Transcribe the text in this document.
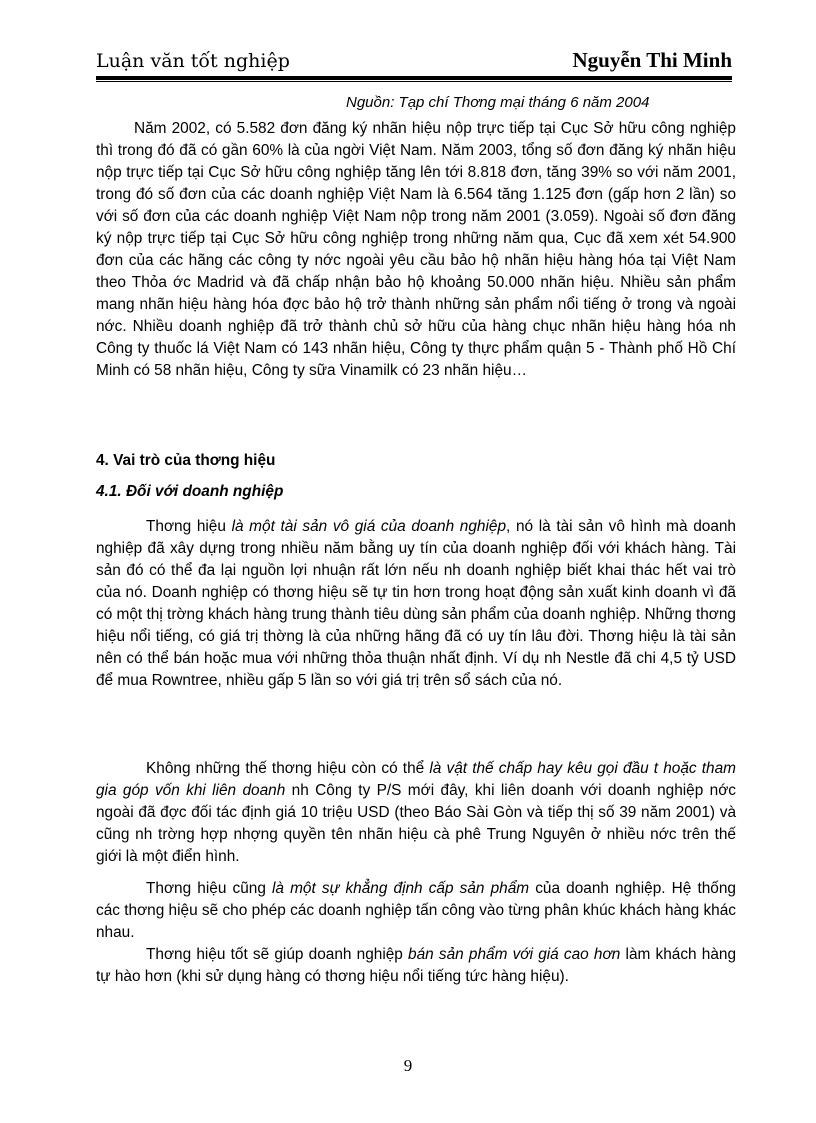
Luận văn tốt nghiệp	Nguyễn Thi Minh
Nguồn: Tạp chí Thơng mại tháng 6 năm 2004
Năm 2002, có 5.582 đơn đăng ký nhãn hiệu nộp trực tiếp tại Cục Sở hữu công nghiệp thì trong đó đã có gần 60% là của ngời Việt Nam. Năm 2003, tổng số đơn đăng ký nhãn hiệu nộp trực tiếp tại Cục Sở hữu công nghiệp tăng lên tới 8.818 đơn, tăng 39% so với năm 2001, trong đó số đơn của các doanh nghiệp Việt Nam là 6.564 tăng 1.125 đơn (gấp hơn 2 lần) so với số đơn của các doanh nghiệp Việt Nam nộp trong năm 2001 (3.059). Ngoài số đơn đăng ký nộp trực tiếp tại Cục Sở hữu công nghiệp trong những năm qua, Cục đã xem xét 54.900 đơn của các hãng các công ty nớc ngoài yêu cầu bảo hộ nhãn hiệu hàng hóa tại Việt Nam theo Thỏa ớc Madrid và đã chấp nhận bảo hộ khoảng 50.000 nhãn hiệu. Nhiều sản phẩm mang nhãn hiệu hàng hóa đợc bảo hộ trở thành những sản phẩm nổi tiếng ở trong và ngoài nớc. Nhiều doanh nghiệp đã trở thành chủ sở hữu của hàng chục nhãn hiệu hàng hóa nh Công ty thuốc lá Việt Nam có 143 nhãn hiệu, Công ty thực phẩm quận 5 - Thành phố Hồ Chí Minh có 58 nhãn hiệu, Công ty sữa Vinamilk có 23 nhãn hiệu…
4. Vai trò của thơng hiệu
4.1. Đối với doanh nghiệp
Thơng hiệu là một tài sản vô giá của doanh nghiệp, nó là tài sản vô hình mà doanh nghiệp đã xây dựng trong nhiều năm bằng uy tín của doanh nghiệp đối với khách hàng. Tài sản đó có thể đa lại nguồn lợi nhuận rất lớn nếu nh doanh nghiệp biết khai thác hết vai trò của nó. Doanh nghiệp có thơng hiệu sẽ tự tin hơn trong hoạt động sản xuất kinh doanh vì đã có một thị trờng khách hàng trung thành tiêu dùng sản phẩm của doanh nghiệp. Những thơng hiệu nổi tiếng, có giá trị thờng là của những hãng đã có uy tín lâu đời. Thơng hiệu là tài sản nên có thể bán hoặc mua với những thỏa thuận nhất định. Ví dụ nh Nestle đã chi 4,5 tỷ USD để mua Rowntree, nhiều gấp 5 lần so với giá trị trên sổ sách của nó.
Không những thế thơng hiệu còn có thể là vật thế chấp hay kêu gọi đầu t hoặc tham gia góp vốn khi liên doanh nh Công ty P/S mới đây, khi liên doanh với doanh nghiệp nớc ngoài đã đợc đối tác định giá 10 triệu USD (theo Báo Sài Gòn và tiếp thị số 39 năm 2001) và cũng nh trờng hợp nhợng quyền tên nhãn hiệu cà phê Trung Nguyên ở nhiều nớc trên thế giới là một điển hình.
Thơng hiệu cũng là một sự khẳng định cấp sản phẩm của doanh nghiệp. Hệ thống các thơng hiệu sẽ cho phép các doanh nghiệp tấn công vào từng phân khúc khách hàng khác nhau.
Thơng hiệu tốt sẽ giúp doanh nghiệp bán sản phẩm với giá cao hơn làm khách hàng tự hào hơn (khi sử dụng hàng có thơng hiệu nổi tiếng tức hàng hiệu).
9
